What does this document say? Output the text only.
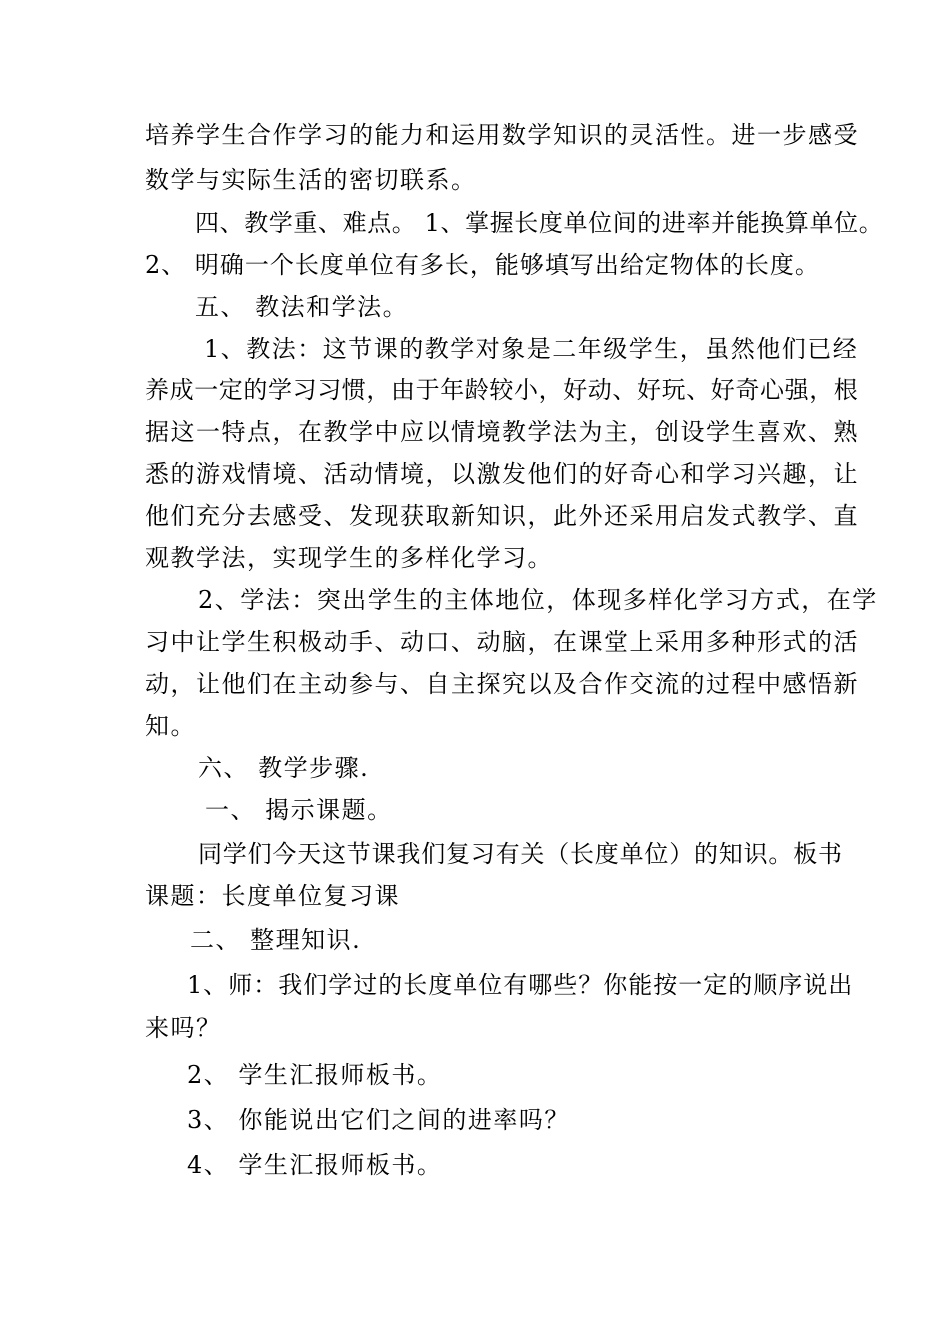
培养学生合作学习的能力和运用数学知识的灵活性。进一步感受
数学与实际生活的密切联系。
四、教学重、难点。 1、掌握长度单位间的进率并能换算单位。
2、 明确一个长度单位有多长，能够填写出给定物体的长度。
五、 教法和学法。
1、教法：这节课的教学对象是二年级学生，虽然他们已经
养成一定的学习习惯，由于年龄较小，好动、好玩、好奇心强，根
据这一特点，在教学中应以情境教学法为主，创设学生喜欢、熟
悉的游戏情境、活动情境，以激发他们的好奇心和学习兴趣，让
他们充分去感受、发现获取新知识，此外还采用启发式教学、直
观教学法，实现学生的多样化学习。
2、学法：突出学生的主体地位，体现多样化学习方式，在学
习中让学生积极动手、动口、动脑，在课堂上采用多种形式的活
动，让他们在主动参与、自主探究以及合作交流的过程中感悟新
知。
六、 教学步骤.
一、 揭示课题。
同学们今天这节课我们复习有关（长度单位）的知识。板书
课题：长度单位复习课
二、 整理知识.
1、师：我们学过的长度单位有哪些？你能按一定的顺序说出
来吗？
2、 学生汇报师板书。
3、 你能说出它们之间的进率吗？
4、 学生汇报师板书。
